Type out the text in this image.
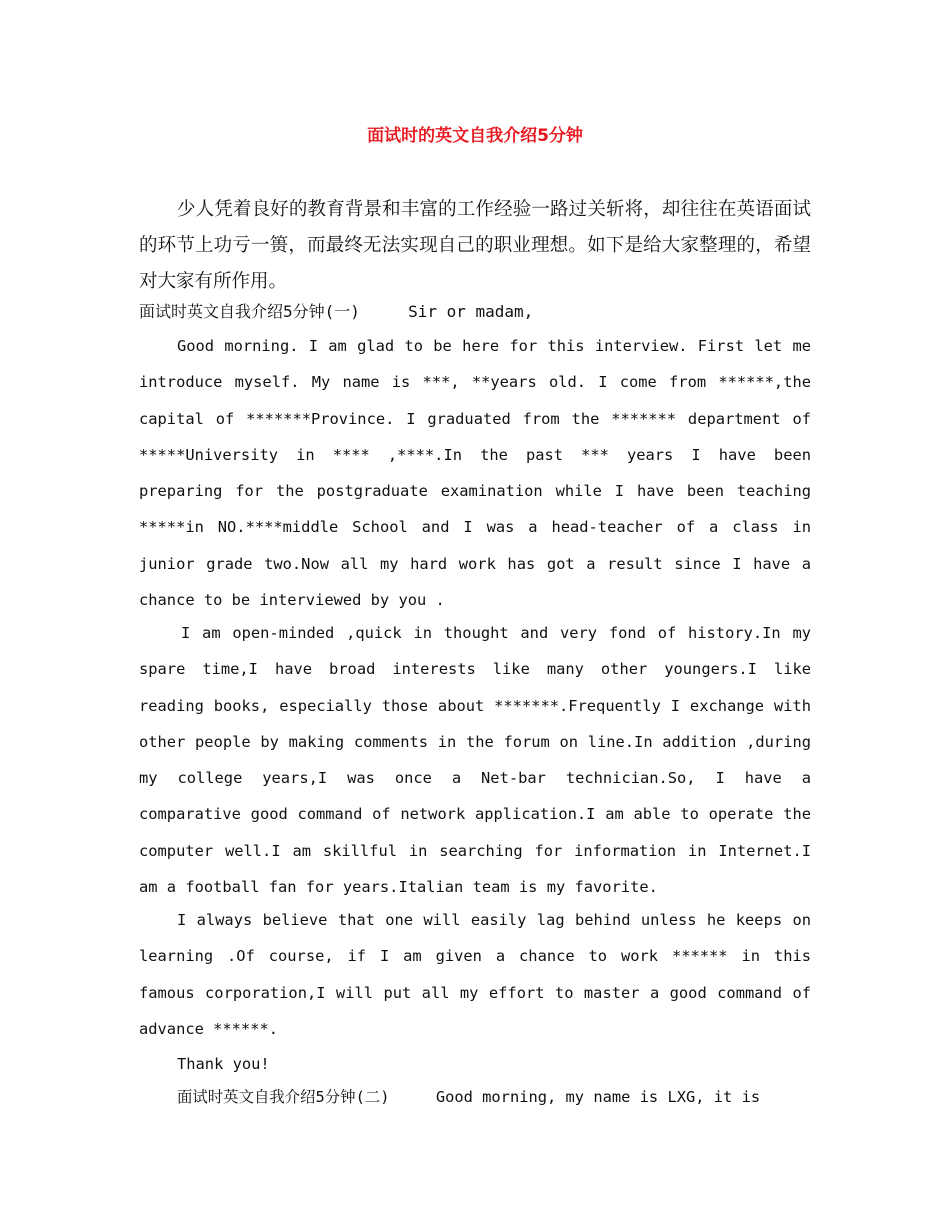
面试时的英文自我介绍5分钟

少人凭着良好的教育背景和丰富的工作经验一路过关斩将，却往往在英语面试的环节上功亏一篑，而最终无法实现自己的职业理想。如下是给大家整理的，希望对大家有所作用。

面试时英文自我介绍5分钟(一)     Sir or madam,

Good morning. I am glad to be here for this interview. First let me introduce myself. My name is ***, **years old. I come from ******,the capital of *******Province. I graduated from the ******* department of *****University in **** ,****.In the past *** years I have been preparing for the postgraduate examination while I have been teaching *****in NO.****middle School and I was a head-teacher of a class in junior grade two.Now all my hard work has got a result since I have a chance to be interviewed by you .

I am open-minded ,quick in thought and very fond of history.In my spare time,I have broad interests like many other youngers.I like reading books, especially those about *******.Frequently I exchange with other people by making comments in the forum on line.In addition ,during my college years,I was once a Net-bar technician.So, I have a comparative good command of network application.I am able to operate the computer well.I am skillful in searching for information in Internet.I am a football fan for years.Italian team is my favorite.

I always believe that one will easily lag behind unless he keeps on learning .Of course, if I am given a chance to work ****** in this famous corporation,I will put all my effort to master a good command of advance ******.

Thank you!

面试时英文自我介绍5分钟(二)     Good morning, my name is LXG, it is
